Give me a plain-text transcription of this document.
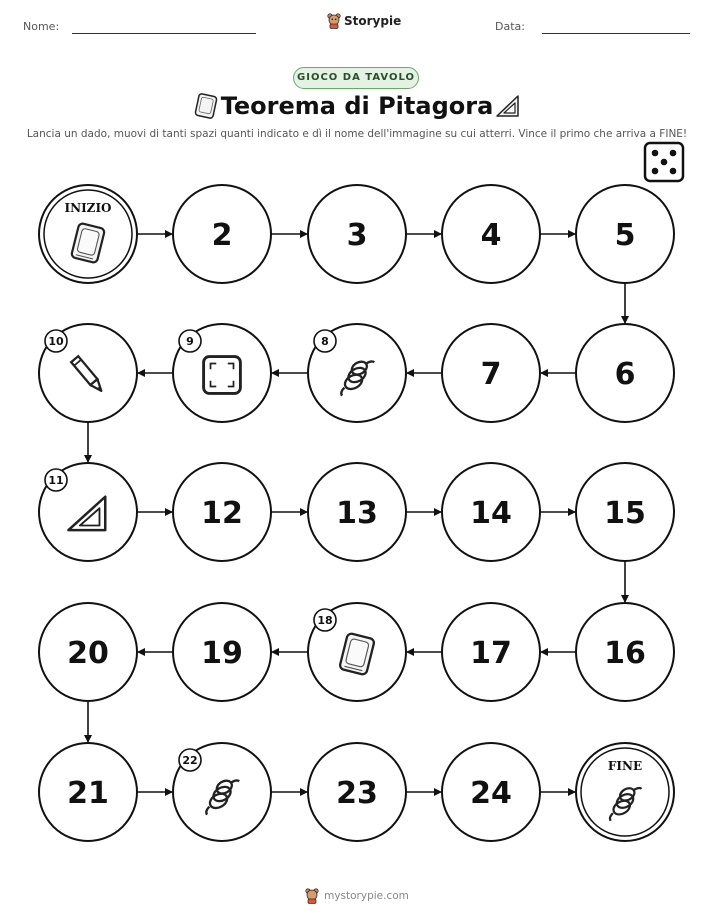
Nome:	Storypie	Data:
GIOCO DA TAVOLO
Teorema di Pitagora
Lancia un dado, muovi di tanti spazi quanti indicato e dì il nome dell'immagine su cui atterri. Vince il primo che arriva a FINE!
INIZIO
2	3	4	5
6
7
8
9
10
11
12	13	14	15
16
17
18
19
20
21
22
23	24
FINE
mystorypie.com
